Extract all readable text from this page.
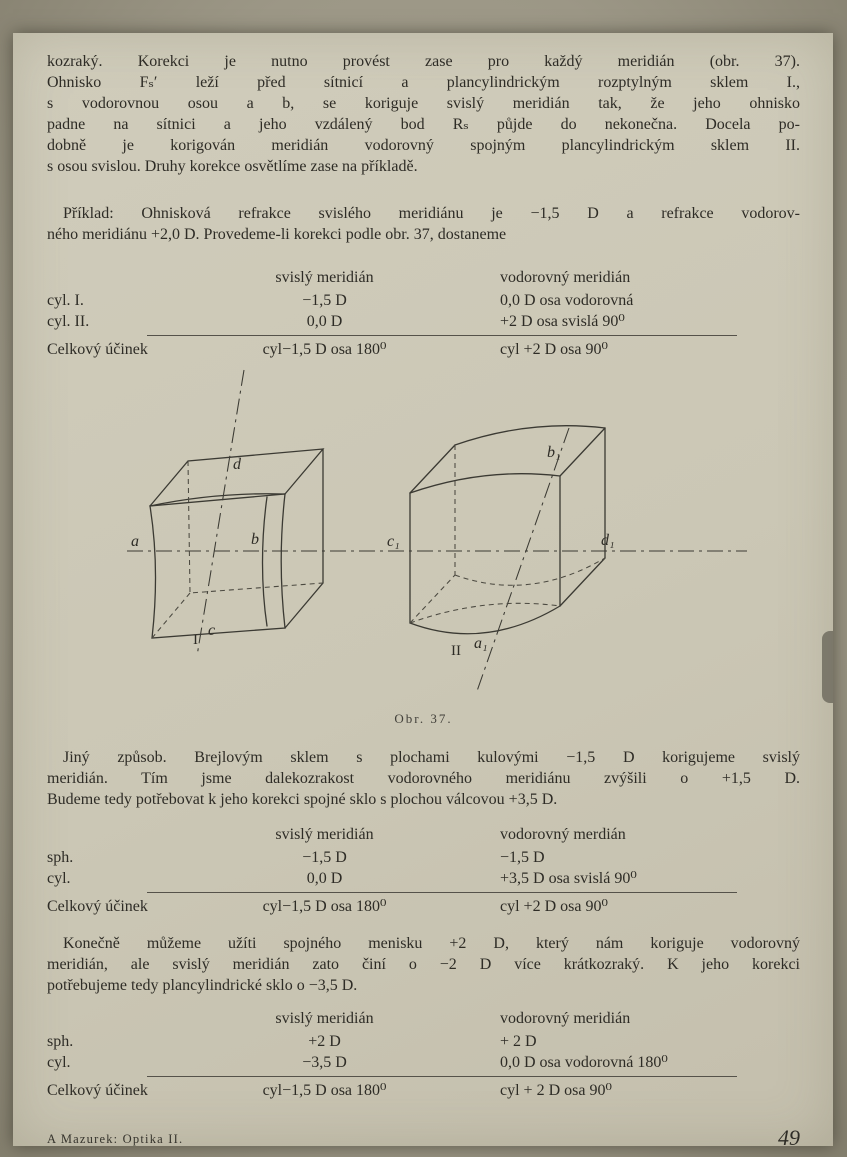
kozraký. Korekci je nutno provést zase pro každý meridián (obr. 37).
Ohnisko Fₛ′ leží před sítnicí a plancylindrickým rozptylným sklem I.,
s vodorovnou osou a b, se koriguje svislý meridián tak, že jeho ohnisko
padne na sítnici a jeho vzdálený bod Rₛ půjde do nekonečna. Docela po-
dobně je korigován meridián vodorovný spojným plancylindrickým sklem II.
s osou svislou. Druhy korekce osvětlíme zase na příkladě.

Příklad: Ohnisková refrakce svislého meridiánu je −1,5 D a refrakce vodorov-
ného meridiánu +2,0 D. Provedeme-li korekci podle obr. 37, dostaneme

svislý meridián	vodorovný meridián
cyl. I.	−1,5 D	0,0 D osa vodorovná
cyl. II.	0,0 D	+2 D osa svislá 90⁰
Celkový účinek	cyl−1,5 D osa 180⁰	cyl +2 D osa 90⁰
a	b
d
I
c
b₁
c₁	d₁
II a₁
Obr. 37.

Jiný způsob. Brejlovým sklem s plochami kulovými −1,5 D korigujeme svislý
meridián. Tím jsme dalekozrakost vodorovného meridiánu zvýšili o +1,5 D.
Budeme tedy potřebovat k jeho korekci spojné sklo s plochou válcovou +3,5 D.

svislý meridián	vodorovný merdián
sph.	−1,5 D	−1,5 D
cyl.	0,0 D	+3,5 D osa svislá 90⁰
Celkový účinek	cyl−1,5 D osa 180⁰	cyl +2 D osa 90⁰

Konečně můžeme užíti spojného menisku +2 D, který nám koriguje vodorovný
meridián, ale svislý meridián zato činí o −2 D více krátkozraký. K jeho korekci
potřebujeme tedy plancylindrické sklo o −3,5 D.

svislý meridián	vodorovný meridián
sph.	+2 D	+ 2 D
cyl.	−3,5 D	0,0 D osa vodorovná 180⁰
Celkový účinek	cyl−1,5 D osa 180⁰	cyl + 2 D osa 90⁰
A Mazurek: Optika II.	49
